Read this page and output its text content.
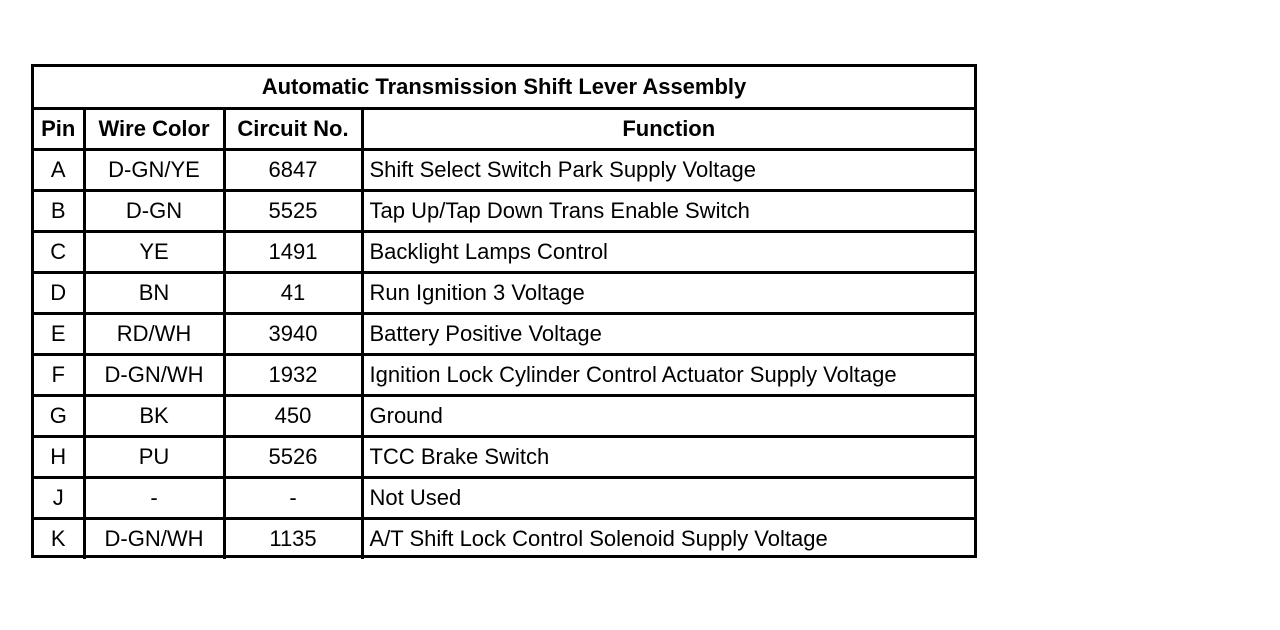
Automatic Transmission Shift Lever Assembly			
Pin	Wire Color	Circuit No.	Function
A	D-GN/YE	6847	Shift Select Switch Park Supply Voltage
B	D-GN	5525	Tap Up/Tap Down Trans Enable Switch
C	YE	1491	Backlight Lamps Control
D	BN	41	Run Ignition 3 Voltage
E	RD/WH	3940	Battery Positive Voltage
F	D-GN/WH	1932	Ignition Lock Cylinder Control Actuator Supply Voltage
G	BK	450	Ground
H	PU	5526	TCC Brake Switch
J	-	-	Not Used
K	D-GN/WH	1135	A/T Shift Lock Control Solenoid Supply Voltage
